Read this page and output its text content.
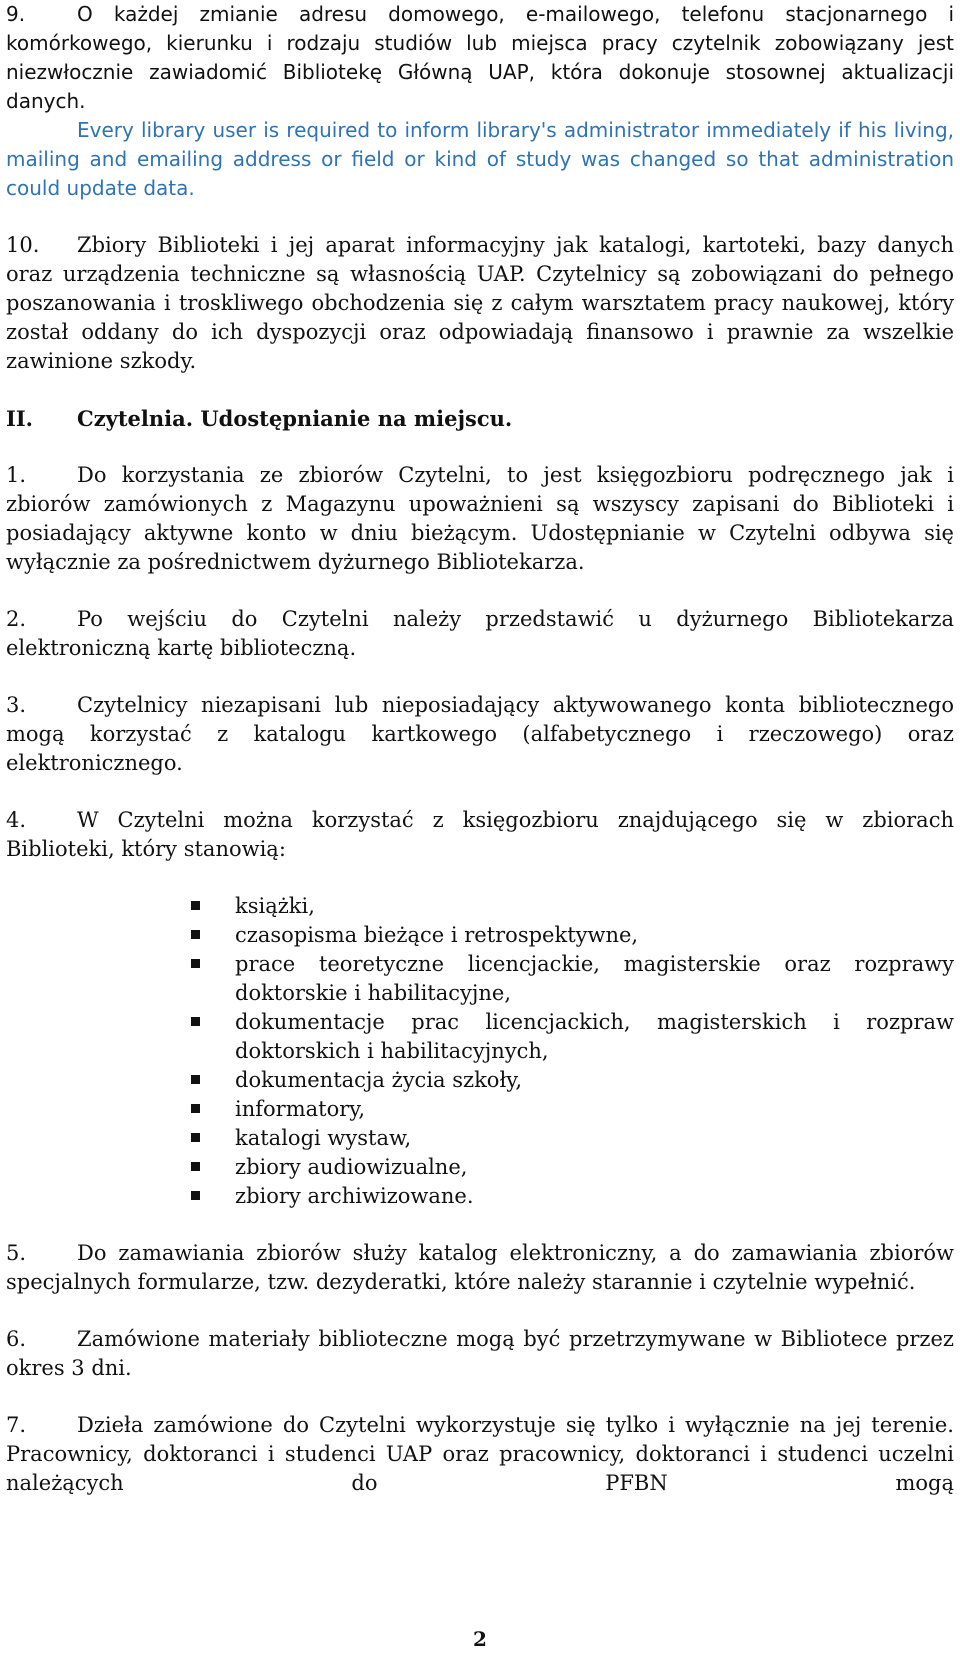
9.	O każdej zmianie adresu domowego, e-mailowego, telefonu stacjonarnego i komórkowego, kierunku i rodzaju studiów lub miejsca pracy czytelnik zobowiązany jest niezwłocznie zawiadomić Bibliotekę Główną UAP, która dokonuje stosownej aktualizacji danych.

Every library user is required to inform library's administrator immediately if his living, mailing and emailing address or field or kind of study was changed so that administration could update data.

10. Zbiory Biblioteki i jej aparat informacyjny jak katalogi, kartoteki, bazy danych oraz urządzenia techniczne są własnością UAP. Czytelnicy są zobowiązani do pełnego poszanowania i troskliwego obchodzenia się z całym warsztatem pracy naukowej, który został oddany do ich dyspozycji oraz odpowiadają finansowo i prawnie za wszelkie zawinione szkody.

II. Czytelnia. Udostępnianie na miejscu.

1. Do korzystania ze zbiorów Czytelni, to jest księgozbioru podręcznego jak i zbiorów zamówionych z Magazynu upoważnieni są wszyscy zapisani do Biblioteki i posiadający aktywne konto w dniu bieżącym. Udostępnianie w Czytelni odbywa się wyłącznie za pośrednictwem dyżurnego Bibliotekarza.

2. Po wejściu do Czytelni należy przedstawić u dyżurnego Bibliotekarza elektroniczną kartę biblioteczną.

3. Czytelnicy niezapisani lub nieposiadający aktywowanego konta bibliotecznego mogą korzystać z katalogu kartkowego (alfabetycznego i rzeczowego) oraz elektronicznego.

4. W Czytelni można korzystać z księgozbioru znajdującego się w zbiorach Biblioteki, który stanowią:

książki,
czasopisma bieżące i retrospektywne,
prace teoretyczne licencjackie, magisterskie oraz rozprawy doktorskie i habilitacyjne,
dokumentacje prac licencjackich, magisterskich i rozpraw doktorskich i habilitacyjnych,
dokumentacja życia szkoły,
informatory,
katalogi wystaw,
zbiory audiowizualne,
zbiory archiwizowane.

5. Do zamawiania zbiorów służy katalog elektroniczny, a do zamawiania zbiorów specjalnych formularze, tzw. dezyderatki, które należy starannie i czytelnie wypełnić.

6. Zamówione materiały biblioteczne mogą być przetrzymywane w Bibliotece przez okres 3 dni.

7. Dzieła zamówione do Czytelni wykorzystuje się tylko i wyłącznie na jej terenie. Pracownicy, doktoranci i studenci UAP oraz pracownicy, doktoranci i studenci uczelni należących do PFBN mogą

2
